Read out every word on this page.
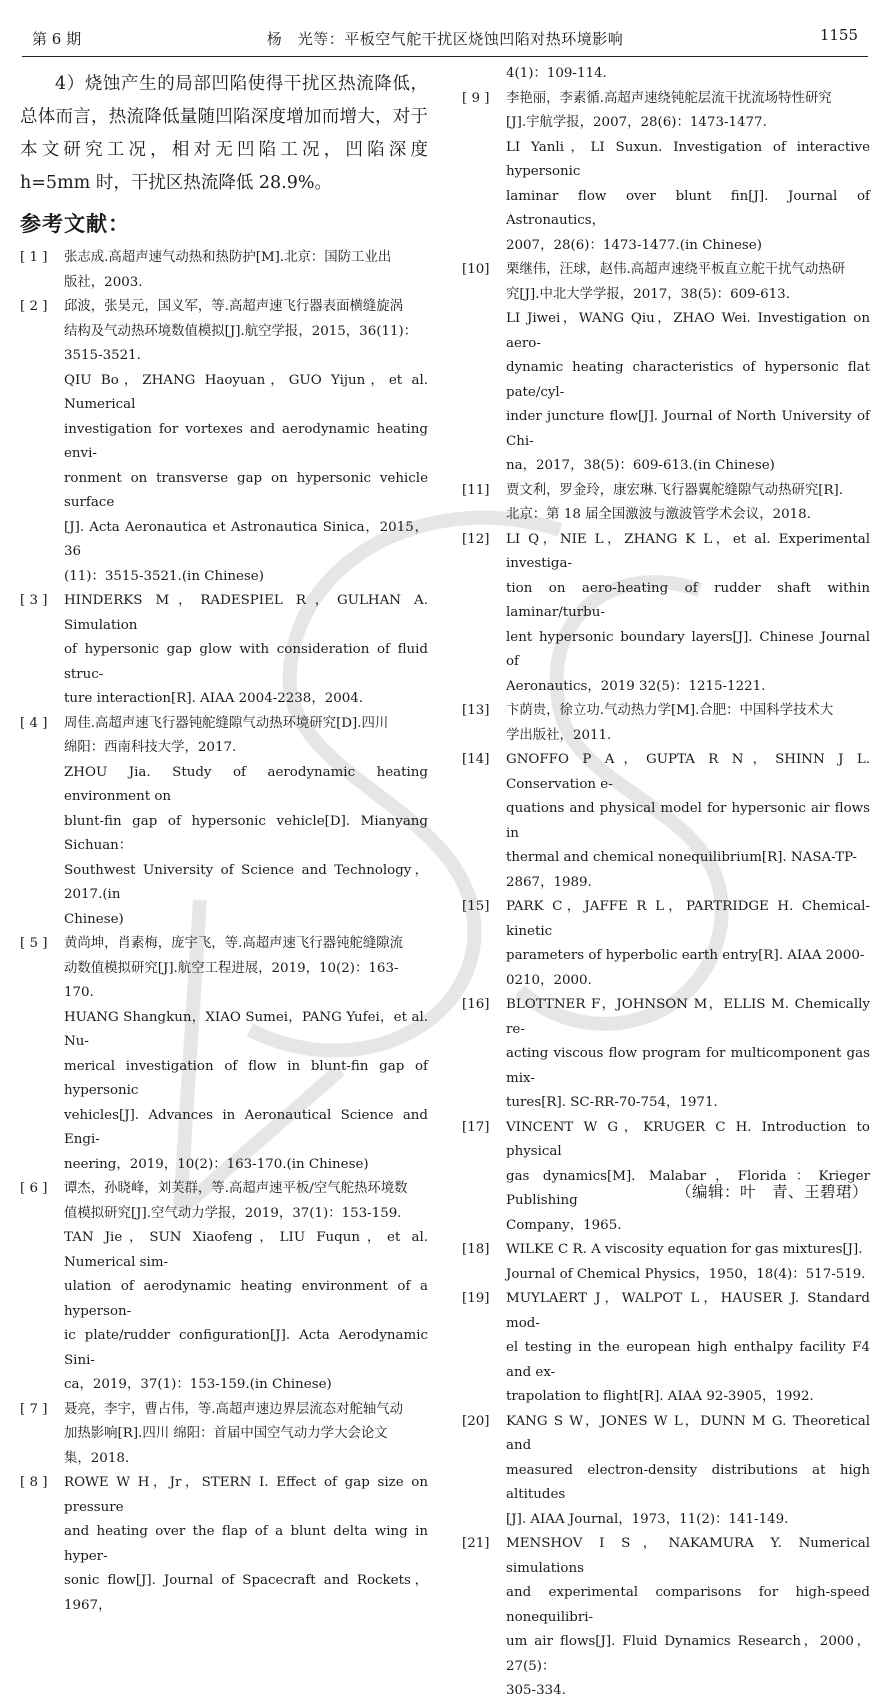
第 6 期	杨　光等：平板空气舵干扰区烧蚀凹陷对热环境影响	1155

4）烧蚀产生的局部凹陷使得干扰区热流降低，总体而言，热流降低量随凹陷深度增加而增大，对于本文研究工况，相对无凹陷工况，凹陷深度 h=5mm 时，干扰区热流降低 28.9%。

参考文献：
[ 1 ]	张志成.高超声速气动热和热防护[M].北京：国防工业出
版社，2003.
[ 2 ]	邱波，张昊元，国义军，等.高超声速飞行器表面横缝旋涡
结构及气动热环境数值模拟[J].航空学报，2015，36(11)：
3515-3521.
QIU Bo，ZHANG Haoyuan，GUO Yijun，et al. Numerical
investigation for vortexes and aerodynamic heating envi-
ronment on transverse gap on hypersonic vehicle surface
[J]. Acta Aeronautica et Astronautica Sinica，2015，36
(11)：3515-3521.(in Chinese)
[ 3 ]	HINDERKS M，RADESPIEL R，GULHAN A. Simulation
of hypersonic gap glow with consideration of fluid struc-
ture interaction[R]. AIAA 2004-2238，2004.
[ 4 ]	周佳.高超声速飞行器钝舵缝隙气动热环境研究[D].四川
绵阳：西南科技大学，2017.
ZHOU Jia. Study of aerodynamic heating environment on
blunt-fin gap of hypersonic vehicle[D]. Mianyang Sichuan：
Southwest University of Science and Technology，2017.(in
Chinese)
[ 5 ]	黄尚坤，肖素梅，庞宇飞，等.高超声速飞行器钝舵缝隙流
动数值模拟研究[J].航空工程进展，2019，10(2)：163-
170.
HUANG Shangkun，XIAO Sumei，PANG Yufei，et al. Nu-
merical investigation of flow in blunt-fin gap of hypersonic
vehicles[J]. Advances in Aeronautical Science and Engi-
neering，2019，10(2)：163-170.(in Chinese)
[ 6 ]	谭杰，孙晓峰，刘芙群，等.高超声速平板/空气舵热环境数
值模拟研究[J].空气动力学报，2019，37(1)：153-159.
TAN Jie，SUN Xiaofeng，LIU Fuqun，et al. Numerical sim-
ulation of aerodynamic heating environment of a hyperson-
ic plate/rudder configuration[J]. Acta Aerodynamic Sini-
ca，2019，37(1)：153-159.(in Chinese)
[ 7 ]	聂亮，李宇，曹占伟，等.高超声速边界层流态对舵轴气动
加热影响[R].四川 绵阳：首届中国空气动力学大会论文
集，2018.
[ 8 ]	ROWE W H，Jr，STERN I. Effect of gap size on pressure
and heating over the flap of a blunt delta wing in hyper-
sonic flow[J]. Journal of Spacecraft and Rockets，1967，
4(1)：109-114.
[ 9 ]	李艳丽，李素循.高超声速绕钝舵层流干扰流场特性研究
[J].宇航学报，2007，28(6)：1473-1477.
LI Yanli，LI Suxun. Investigation of interactive hypersonic
laminar flow over blunt fin[J]. Journal of Astronautics，
2007，28(6)：1473-1477.(in Chinese)
[10]	栗继伟，汪球，赵伟.高超声速绕平板直立舵干扰气动热研
究[J].中北大学学报，2017，38(5)：609-613.
LI Jiwei，WANG Qiu，ZHAO Wei. Investigation on aero-
dynamic heating characteristics of hypersonic flat pate/cyl-
inder juncture flow[J]. Journal of North University of Chi-
na，2017，38(5)：609-613.(in Chinese)
[11]	贾文利，罗金玲，康宏琳.飞行器翼舵缝隙气动热研究[R].
北京：第 18 届全国激波与激波管学术会议，2018.
[12]	LI Q，NIE L，ZHANG K L，et al. Experimental investiga-
tion on aero-heating of rudder shaft within laminar/turbu-
lent hypersonic boundary layers[J]. Chinese Journal of
Aeronautics，2019 32(5)：1215-1221.
[13]	卞荫贵，徐立功.气动热力学[M].合肥：中国科学技术大
学出版社，2011.
[14]	GNOFFO P A，GUPTA R N，SHINN J L. Conservation e-
quations and physical model for hypersonic air flows in
thermal and chemical nonequilibrium[R]. NASA-TP-
2867，1989.
[15]	PARK C，JAFFE R L，PARTRIDGE H. Chemical-kinetic
parameters of hyperbolic earth entry[R]. AIAA 2000-
0210，2000.
[16]	BLOTTNER F，JOHNSON M，ELLIS M. Chemically re-
acting viscous flow program for multicomponent gas mix-
tures[R]. SC-RR-70-754，1971.
[17]	VINCENT W G，KRUGER C H. Introduction to physical
gas dynamics[M]. Malabar，Florida：Krieger Publishing
Company，1965.
[18]	WILKE C R. A viscosity equation for gas mixtures[J].
Journal of Chemical Physics，1950，18(4)：517-519.
[19]	MUYLAERT J，WALPOT L，HAUSER J. Standard mod-
el testing in the european high enthalpy facility F4 and ex-
trapolation to flight[R]. AIAA 92-3905，1992.
[20]	KANG S W，JONES W L，DUNN M G. Theoretical and
measured electron-density distributions at high altitudes
[J]. AIAA Journal，1973，11(2)：141-149.
[21]	MENSHOV I S，NAKAMURA Y. Numerical simulations
and experimental comparisons for high-speed nonequilibri-
um air flows[J]. Fluid Dynamics Research，2000，27(5)：
305-334.
（编辑：叶　青、王碧珺）
